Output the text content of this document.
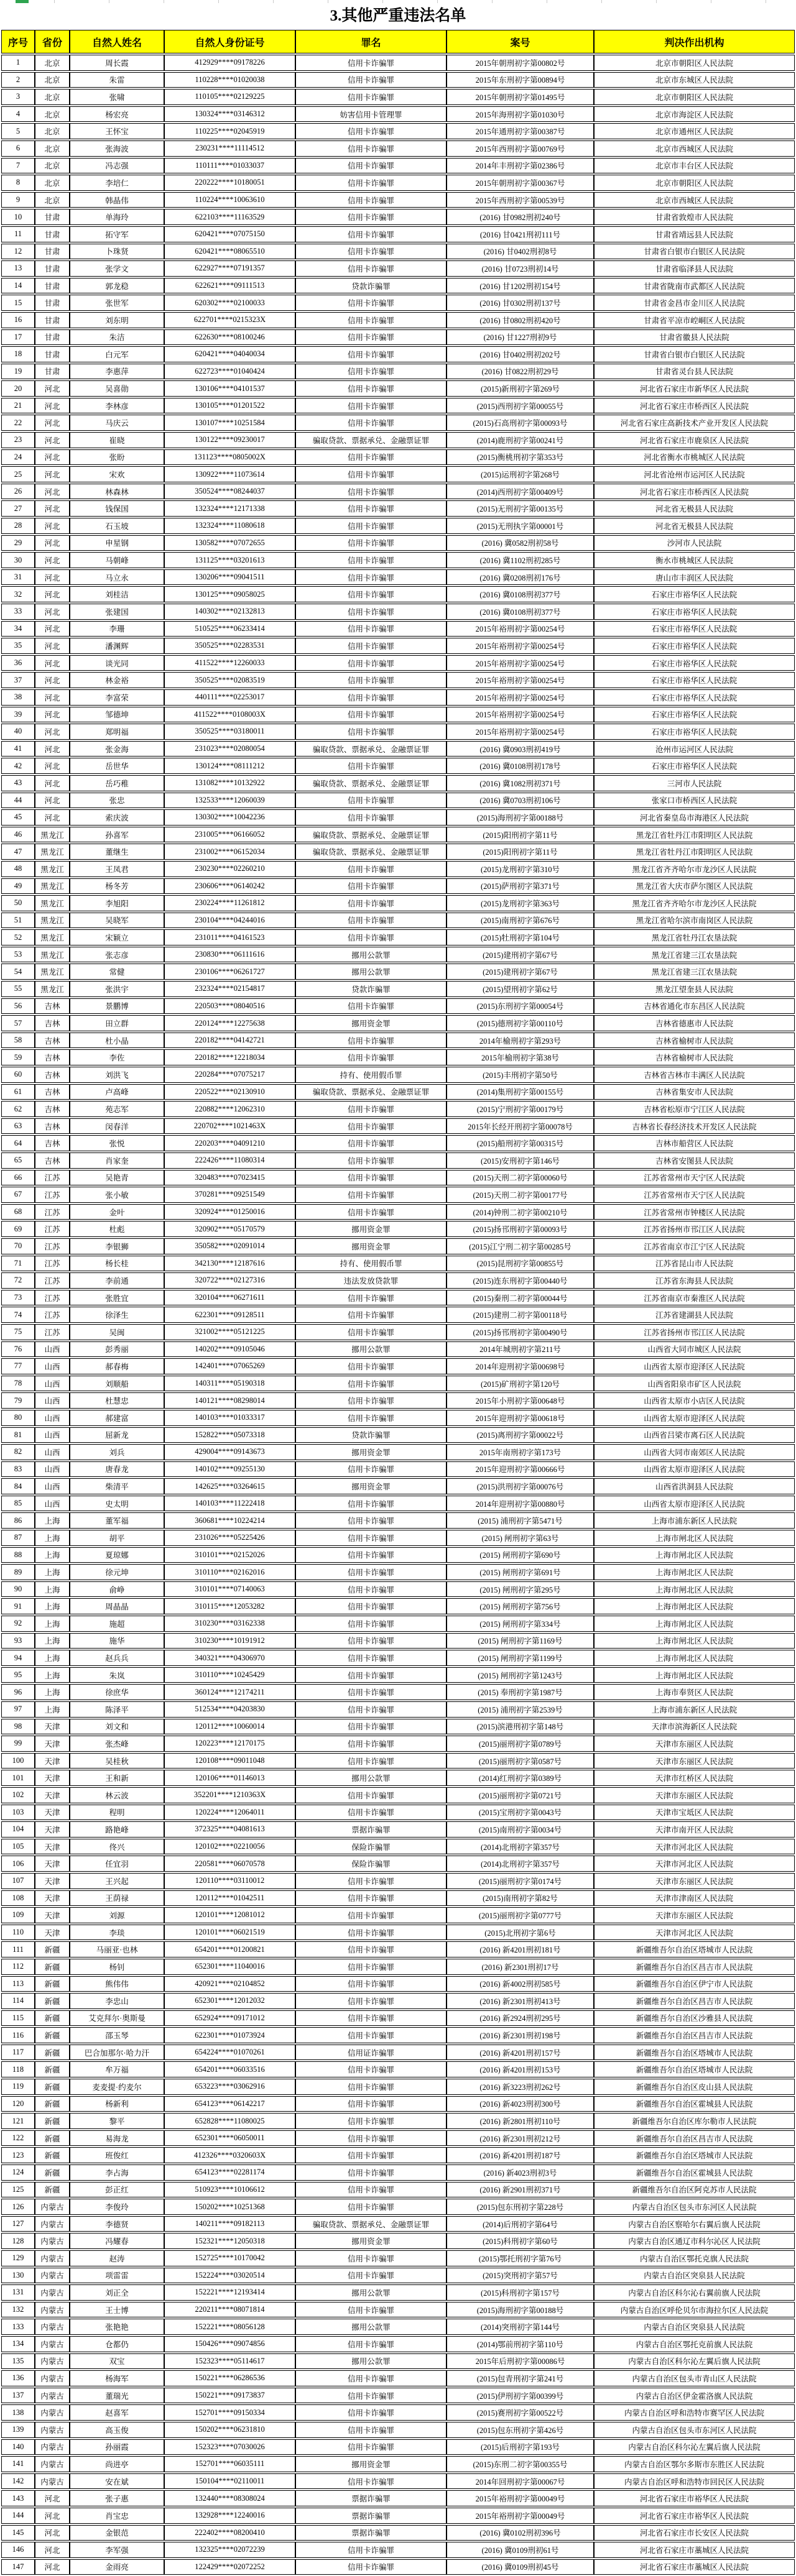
3.其他严重违法名单
序号	省份	自然人姓名	自然人身份证号	罪名	案号	判决作出机构
1	北京	周长霞	412929****09178226	信用卡诈骗罪	2015年朝刑初字第00802号	北京市朝阳区人民法院
2	北京	朱雷	110228****01020038	信用卡诈骗罪	2015年东刑初字第00894号	北京市东城区人民法院
3	北京	张啸	110105****02129225	信用卡诈骗罪	2015年朝刑初字第01495号	北京市朝阳区人民法院
4	北京	杨宏亮	130324****03146312	妨害信用卡管理罪	2015年海刑初字第01030号	北京市海淀区人民法院
5	北京	王怀宝	110225****02045919	信用卡诈骗罪	2015年通刑初字第00387号	北京市通州区人民法院
6	北京	张海波	230231****11114512	信用卡诈骗罪	2015年西刑初字第00769号	北京市西城区人民法院
7	北京	冯志强	110111****01033037	信用卡诈骗罪	2014年丰刑初字第02386号	北京市丰台区人民法院
8	北京	李培仁	220222****10180051	信用卡诈骗罪	2015年朝刑初字第00367号	北京市朝阳区人民法院
9	北京	韩晶伟	110224****10063610	信用卡诈骗罪	2015年西刑初字第00539号	北京市西城区人民法院
10	甘肃	单海玲	622103****11163529	信用卡诈骗罪	(2016) 甘0982刑初240号	甘肃省敦煌市人民法院
11	甘肃	拓守军	620421****07075150	信用卡诈骗罪	(2016) 甘0421刑初111号	甘肃省靖远县人民法院
12	甘肃	卜珠贤	620421****08065510	信用卡诈骗罪	(2016) 甘0402刑初8号	甘肃省白银市白银区人民法院
13	甘肃	张学文	622927****07191357	信用卡诈骗罪	(2016) 甘0723刑初14号	甘肃省临泽县人民法院
14	甘肃	郭龙稳	622621****09111513	贷款诈骗罪	(2016) 甘1202刑初154号	甘肃省陇南市武都区人民法院
15	甘肃	张世军	620302****02100033	信用卡诈骗罪	(2016) 甘0302刑初137号	甘肃省金昌市金川区人民法院
16	甘肃	刘东明	622701****0215323X	信用卡诈骗罪	(2016) 甘0802刑初420号	甘肃省平凉市崆峒区人民法院
17	甘肃	朱洁	622630****08100246	信用卡诈骗罪	(2016) 甘1227刑初9号	甘肃省徽县人民法院
18	甘肃	白元军	620421****04040034	信用卡诈骗罪	(2016) 甘0402刑初202号	甘肃省白银市白银区人民法院
19	甘肃	李惠萍	622723****01040424	信用卡诈骗罪	(2016) 甘0822刑初29号	甘肃省灵台县人民法院
20	河北	吴喜勋	130106****04101537	信用卡诈骗罪	(2015)新刑初字第269号	河北省石家庄市新华区人民法院
21	河北	李林彦	130105****01201522	信用卡诈骗罪	(2015)西刑初字第00055号	河北省石家庄市桥西区人民法院
22	河北	马庆云	130107****10251584	信用卡诈骗罪	(2015)石高刑初字第00093号	河北省石家庄高新技术产业开发区人民法院
23	河北	崔晓	130122****09230017	骗取贷款、票据承兑、金融票证罪	(2014)鹿刑初字第00241号	河北省石家庄市鹿泉区人民法院
24	河北	张盼	131123****0805002X	信用卡诈骗罪	(2015)衡桃刑初字第353号	河北省衡水市桃城区人民法院
25	河北	宋欢	130922****11073614	信用卡诈骗罪	(2015)运刑初字第268号	河北省沧州市运河区人民法院
26	河北	林森林	350524****08244037	信用卡诈骗罪	(2014)西刑初字第00409号	河北省石家庄市桥西区人民法院
27	河北	钱保国	132324****12171338	信用卡诈骗罪	(2015)无刑初字第00135号	河北省无极县人民法院
28	河北	石玉坡	132324****11080618	信用卡诈骗罪	(2015)无刑执字第00001号	河北省无极县人民法院
29	河北	申星钢	130582****07072655	信用卡诈骗罪	(2016) 冀0582刑初58号	沙河市人民法院
30	河北	马朝峰	131125****03201613	信用卡诈骗罪	(2016) 冀1102刑初285号	衡水市桃城区人民法院
31	河北	马立永	130206****09041511	信用卡诈骗罪	(2016) 冀0208刑初176号	唐山市丰润区人民法院
32	河北	刘桂洁	130125****09058025	信用卡诈骗罪	(2016) 冀0108刑初377号	石家庄市裕华区人民法院
33	河北	张建国	140302****02132813	信用卡诈骗罪	(2016) 冀0108刑初377号	石家庄市裕华区人民法院
34	河北	李珊	510525****06233414	信用卡诈骗罪	2015年裕刑初字第00254号	石家庄市裕华区人民法院
35	河北	潘渊辉	350525****02283531	信用卡诈骗罪	2015年裕刑初字第00254号	石家庄市裕华区人民法院
36	河北	谈光同	411522****12260033	信用卡诈骗罪	2015年裕刑初字第00254号	石家庄市裕华区人民法院
37	河北	林金裕	350525****02083519	信用卡诈骗罪	2015年裕刑初字第00254号	石家庄市裕华区人民法院
38	河北	李富荣	440111****02253017	信用卡诈骗罪	2015年裕刑初字第00254号	石家庄市裕华区人民法院
39	河北	邹德坤	411522****0108003X	信用卡诈骗罪	2015年裕刑初字第00254号	石家庄市裕华区人民法院
40	河北	郑明福	350525****03180011	信用卡诈骗罪	2015年裕刑初字第00254号	石家庄市裕华区人民法院
41	河北	张金海	231023****02080054	骗取贷款、票据承兑、金融票证罪	(2016) 冀0903刑初419号	沧州市运河区人民法院
42	河北	岳世华	130124****08111212	信用卡诈骗罪	(2016) 冀0108刑初178号	石家庄市裕华区人民法院
43	河北	岳巧稚	131082****10132922	骗取贷款、票据承兑、金融票证罪	(2016) 冀1082刑初371号	三河市人民法院
44	河北	张忠	132533****12060039	信用卡诈骗罪	(2016) 冀0703刑初106号	张家口市桥西区人民法院
45	河北	索庆波	130302****10042236	信用卡诈骗罪	(2015)海刑初字第00188号	河北省秦皇岛市海港区人民法院
46	黑龙江	孙喜军	231005****06166052	骗取贷款、票据承兑、金融票证罪	(2015)阳刑初字第11号	黑龙江省牡丹江市阳明区人民法院
47	黑龙江	董继生	231002****06152034	骗取贷款、票据承兑、金融票证罪	(2015)阳刑初字第11号	黑龙江省牡丹江市阳明区人民法院
48	黑龙江	王凤君	230230****02260210	信用卡诈骗罪	(2015)龙刑初字第310号	黑龙江省齐齐哈尔市龙沙区人民法院
49	黑龙江	杨冬芳	230606****06140242	信用卡诈骗罪	(2015)萨刑初字第371号	黑龙江省大庆市萨尔图区人民法院
50	黑龙江	李旭阳	230224****11261812	信用卡诈骗罪	(2015)龙刑初字第363号	黑龙江省齐齐哈尔市龙沙区人民法院
51	黑龙江	吴晓军	230104****04244016	信用卡诈骗罪	(2015)南刑初字第676号	黑龙江省哈尔滨市南岗区人民法院
52	黑龙江	宋颖立	231011****04161523	信用卡诈骗罪	(2015)牡刑初字第104号	黑龙江省牡丹江农垦法院
53	黑龙江	张志彦	230830****06111616	挪用公款罪	(2015)建刑初字第67号	黑龙江省建三江农垦法院
54	黑龙江	常健	230106****06261727	挪用公款罪	(2015)建刑初字第67号	黑龙江省建三江农垦法院
55	黑龙江	张洪宇	232324****02154817	贷款诈骗罪	(2015)望刑初字第62号	黑龙江望奎县人民法院
56	吉林	景鹏博	220503****08040516	信用卡诈骗罪	(2015)东刑初字第00054号	吉林省通化市东昌区人民法院
57	吉林	田立群	220124****12275638	挪用资金罪	(2015)德刑初字第00110号	吉林省德惠市人民法院
58	吉林	杜小晶	220182****04142721	信用卡诈骗罪	2014年榆刑初字第293号	吉林省榆树市人民法院
59	吉林	李佐	220182****12218034	信用卡诈骗罪	2015年榆刑初字第38号	吉林省榆树市人民法院
60	吉林	刘洪飞	220284****07075217	持有、使用假币罪	(2015)丰刑初字第50号	吉林省吉林市丰满区人民法院
61	吉林	卢高峰	220522****02130910	骗取贷款、票据承兑、金融票证罪	(2014)集刑初字第00155号	吉林省集安市人民法院
62	吉林	苑志军	220882****12062310	信用卡诈骗罪	(2015)宁刑初字第00179号	吉林省松原市宁江区人民法院
63	吉林	闵春洋	220702****1021463X	信用卡诈骗罪	2015年长经开刑初字第00078号	吉林省长春经济技术开发区人民法院
64	吉林	张悦	220203****04091210	信用卡诈骗罪	(2015)船刑初字第00315号	吉林市船营区人民法院
65	吉林	肖家奎	222426****11080314	信用卡诈骗罪	(2015)安刑初字第146号	吉林省安图县人民法院
66	江苏	吴艳青	320483****07023415	信用卡诈骗罪	(2015)天刑二初字第00060号	江苏省常州市天宁区人民法院
67	江苏	张小敏	370281****09251549	信用卡诈骗罪	(2015)天刑二初字第00177号	江苏省常州市天宁区人民法院
68	江苏	金叶	320924****01250016	信用卡诈骗罪	(2014)钟刑二初字第00210号	江苏省常州市钟楼区人民法院
69	江苏	杜彪	320902****05170579	挪用资金罪	(2015)扬邗刑初字第00093号	江苏省扬州市邗江区人民法院
70	江苏	李银狮	350582****02091014	挪用资金罪	(2015)江宁刑二初字第00285号	江苏省南京市江宁区人民法院
71	江苏	杨长桂	342130****12187616	持有、使用假币罪	(2015)昆刑初字第00855号	江苏省昆山市人民法院
72	江苏	李前通	320722****02127316	违法发放贷款罪	(2015)连东刑初字第00440号	江苏省东海县人民法院
73	江苏	张胜宜	320104****06271611	信用卡诈骗罪	(2015)秦刑二初字第00044号	江苏省南京市秦淮区人民法院
74	江苏	徐泽生	622301****09128511	信用卡诈骗罪	(2015)建刑二初字第00118号	江苏省建湖县人民法院
75	江苏	吴闽	321002****05121225	信用卡诈骗罪	(2015)扬邗刑初字第00490号	江苏省扬州市邗江区人民法院
76	山西	彭秀丽	140202****09105046	挪用公款罪	2014年城刑初字第211号	山西省大同市城区人民法院
77	山西	郝春梅	142401****07065269	信用卡诈骗罪	2014年迎刑初字第00698号	山西省太原市迎泽区人民法院
78	山西	刘顺船	140311****05190318	信用卡诈骗罪	(2015)矿刑初字第120号	山西省阳泉市矿区人民法院
79	山西	杜慧忠	140121****08298014	信用卡诈骗罪	2015年小刑初字第00648号	山西省太原市小店区人民法院
80	山西	郝建富	140103****01033317	信用卡诈骗罪	2015年迎刑初字第00618号	山西省太原市迎泽区人民法院
81	山西	屈新龙	152822****05073318	贷款诈骗罪	(2015)离刑初字第00022号	山西省吕梁市离石区人民法院
82	山西	刘兵	429004****09143673	挪用资金罪	2015年南刑初字第173号	山西省大同市南郊区人民法院
83	山西	唐春龙	140102****09255130	信用卡诈骗罪	2015年迎刑初字第00666号	山西省太原市迎泽区人民法院
84	山西	柴清平	142625****03264615	挪用资金罪	(2015)洪刑初字第00076号	山西省洪洞县人民法院
85	山西	史太明	140103****11222418	信用卡诈骗罪	2014年迎刑初字第00880号	山西省太原市迎泽区人民法院
86	上海	董军福	360681****10224214	信用卡诈骗罪	(2015) 浦刑初字第5471号	上海市浦东新区人民法院
87	上海	胡平	231026****05225426	信用卡诈骗罪	(2015) 闸刑初字第63号	上海市闸北区人民法院
88	上海	夏琼娜	310101****02152026	信用卡诈骗罪	(2015) 闸刑初字第690号	上海市闸北区人民法院
89	上海	徐元坤	310110****02162016	信用卡诈骗罪	(2015) 闸刑初字第691号	上海市闸北区人民法院
90	上海	俞峥	310101****07140063	信用卡诈骗罪	(2015) 闸刑初字第295号	上海市闸北区人民法院
91	上海	周晶晶	310115****12053282	信用卡诈骗罪	(2015) 闸刑初字第756号	上海市闸北区人民法院
92	上海	施超	310230****03162338	信用卡诈骗罪	(2015) 闸刑初字第334号	上海市闸北区人民法院
93	上海	施华	310230****10191912	信用卡诈骗罪	(2015) 闸刑初字第1169号	上海市闸北区人民法院
94	上海	赵兵兵	340321****04306970	信用卡诈骗罪	(2015) 闸刑初字第1199号	上海市闸北区人民法院
95	上海	朱岚	310110****10245429	信用卡诈骗罪	(2015) 闸刑初字第1243号	上海市闸北区人民法院
96	上海	徐庶华	360124****12174211	信用卡诈骗罪	(2015) 奉刑初字第1987号	上海市奉贤区人民法院
97	上海	陈泽平	512534****04203830	信用卡诈骗罪	(2015) 浦刑初字第2539号	上海市浦东新区人民法院
98	天津	刘文和	120112****10060014	信用卡诈骗罪	(2015)滨港刑初字第148号	天津市滨海新区人民法院
99	天津	张杰峰	120223****12170175	信用卡诈骗罪	(2015)丽刑初字第0789号	天津市东丽区人民法院
100	天津	吴桂秋	120108****09011048	信用卡诈骗罪	(2015)丽刑初字第0587号	天津市东丽区人民法院
101	天津	王和新	120106****01146013	挪用公款罪	(2014)红刑初字第0389号	天津市红桥区人民法院
102	天津	林云波	352201****1210363X	信用卡诈骗罪	(2015)丽刑初字第0721号	天津市东丽区人民法院
103	天津	程明	120224****12064011	信用卡诈骗罪	(2015)宝刑初字第0043号	天津市宝坻区人民法院
104	天津	路艳峰	372325****04081613	票据诈骗罪	(2015)南刑初字第0034号	天津市南开区人民法院
105	天津	佟兴	120102****02210056	保险诈骗罪	(2014)北刑初字第357号	天津市河北区人民法院
106	天津	任宜羽	220581****06070578	保险诈骗罪	(2014)北刑初字第357号	天津市河北区人民法院
107	天津	王兴起	120110****03110012	信用卡诈骗罪	(2015)丽刑初字第0174号	天津市东丽区人民法院
108	天津	王荫禄	120112****01042511	信用卡诈骗罪	(2015)南刑初字第82号	天津市津南区人民法院
109	天津	刘源	120101****12081012	信用卡诈骗罪	(2015)丽刑初字第0777号	天津市东丽区人民法院
110	天津	李琰	120101****06021519	信用卡诈骗罪	(2015)北刑初字第6号	天津市河北区人民法院
111	新疆	马丽亚·也林	654201****01200821	信用卡诈骗罪	(2016) 新4201刑初181号	新疆维吾尔自治区塔城市人民法院
112	新疆	杨钊	652301****11040016	信用卡诈骗罪	(2016) 新2301刑初17号	新疆维吾尔自治区昌吉市人民法院
113	新疆	熊伟伟	420921****02104852	信用卡诈骗罪	(2016) 新4002刑初585号	新疆维吾尔自治区伊宁市人民法院
114	新疆	李忠山	652301****12012032	信用卡诈骗罪	(2016) 新2301刑初413号	新疆维吾尔自治区昌吉市人民法院
115	新疆	艾克拜尔·奥斯曼	652924****09171012	信用卡诈骗罪	(2016) 新2924刑初295号	新疆维吾尔自治区沙雅县人民法院
116	新疆	邵玉琴	622301****01073924	信用卡诈骗罪	(2016) 新2301刑初198号	新疆维吾尔自治区昌吉市人民法院
117	新疆	巴合加那尔·哈力汗	654224****01070261	信用证诈骗罪	(2016) 新4201刑初157号	新疆维吾尔自治区塔城市人民法院
118	新疆	牟万福	654201****06033516	信用卡诈骗罪	(2016) 新4201刑初153号	新疆维吾尔自治区塔城市人民法院
119	新疆	麦麦提·约麦尔	653223****03062916	信用卡诈骗罪	(2016) 新3223刑初262号	新疆维吾尔自治区皮山县人民法院
120	新疆	杨新利	654123****06142217	信用卡诈骗罪	(2016) 新4023刑初300号	新疆维吾尔自治区霍城县人民法院
121	新疆	黎平	652828****11080025	信用卡诈骗罪	(2016) 新2801刑初110号	新疆维吾尔自治区库尔勒市人民法院
122	新疆	易海龙	652301****06050011	信用卡诈骗罪	(2016) 新2301刑初212号	新疆维吾尔自治区昌吉市人民法院
123	新疆	班俊红	412326****0320603X	信用卡诈骗罪	(2016) 新4201刑初187号	新疆维吾尔自治区塔城市人民法院
124	新疆	李占海	654123****02281174	信用卡诈骗罪	(2016) 新4023刑初3号	新疆维吾尔自治区霍城县人民法院
125	新疆	彭正红	510923****10106612	信用卡诈骗罪	(2016) 新2901刑初371号	新疆维吾尔自治区阿克苏市人民法院
126	内蒙古	李俊玲	150202****10251368	信用卡诈骗罪	(2015)包东刑初字第228号	内蒙古自治区包头市东河区人民法院
127	内蒙古	李德贤	140211****09182113	骗取贷款、票据承兑、金融票证罪	(2014)后刑初字第64号	内蒙古自治区察哈尔右翼后旗人民法院
128	内蒙古	冯耀春	152321****12050318	挪用资金罪	(2015)科刑初字第60号	内蒙古自治区通辽市科尔沁区人民法院
129	内蒙古	赵涛	152725****10170042	信用卡诈骗罪	(2015)鄂托刑初字第76号	内蒙古自治区鄂托克旗人民法院
130	内蒙古	项雷雷	152224****03020514	信用卡诈骗罪	(2015)突刑初字第57号	内蒙古自治区突泉县人民法院
131	内蒙古	刘正全	152221****12193414	挪用公款罪	(2015)科刑初字第157号	内蒙古自治区科尔沁右翼前旗人民法院
132	内蒙古	王士博	220211****08071814	信用卡诈骗罪	(2015)海刑初字第00188号	内蒙古自治区呼伦贝尔市海拉尔区人民法院
133	内蒙古	张艳艳	152221****08056128	挪用公款罪	(2014)突刑初字第144号	内蒙古自治区突泉县人民法院
134	内蒙古	仓都仍	150426****09074856	信用卡诈骗罪	(2014)鄂前刑初字第110号	内蒙古自治区鄂托克前旗人民法院
135	内蒙古	双宝	152323****05114617	挪用公款罪	2015年后刑初字第00086号	内蒙古自治区科尔沁左翼后旗人民法院
136	内蒙古	杨海军	150221****06286536	信用卡诈骗罪	(2015)包青刑初字第241号	内蒙古自治区包头市青山区人民法院
137	内蒙古	董瑞光	150221****09173837	信用卡诈骗罪	(2015)伊刑初字第00399号	内蒙古自治区伊金霍洛旗人民法院
138	内蒙古	赵喜军	152701****09150334	信用卡诈骗罪	(2015)赛刑初字第00522号	内蒙古自治区呼和浩特市赛罕区人民法院
139	内蒙古	高玉俊	150202****06231810	信用卡诈骗罪	(2015)包东刑初字第426号	内蒙古自治区包头市东河区人民法院
140	内蒙古	孙丽霞	152323****07030026	信用卡诈骗罪	(2015)后刑初字第193号	内蒙古自治区科尔沁左翼后旗人民法院
141	内蒙古	尚进亭	152701****06035111	挪用资金罪	(2015)东刑二初字第00355号	内蒙古自治区鄂尔多斯市东胜区人民法院
142	内蒙古	安在斌	150104****02110011	信用卡诈骗罪	2014年回刑初字第00067号	内蒙古自治区呼和浩特市回民区人民法院
143	河北	张子惠	132440****08308024	票据诈骗罪	2015年裕刑初字第00049号	河北省石家庄市裕华区人民法院
144	河北	肖宝忠	132928****12240016	票据诈骗罪	2015年裕刑初字第00049号	河北省石家庄市裕华区人民法院
145	河北	金银范	222402****08200410	票据诈骗罪	(2016) 冀0102刑初396号	河北省石家庄市长安区人民法院
146	河北	李军强	132325****02072239	信用卡诈骗罪	(2016) 冀0109刑初61号	河北省石家庄市藁城区人民法院
147	河北	金雨亮	122429****02072252	信用卡诈骗罪	(2016) 冀0109刑初45号	河北省石家庄市藁城区人民法院
